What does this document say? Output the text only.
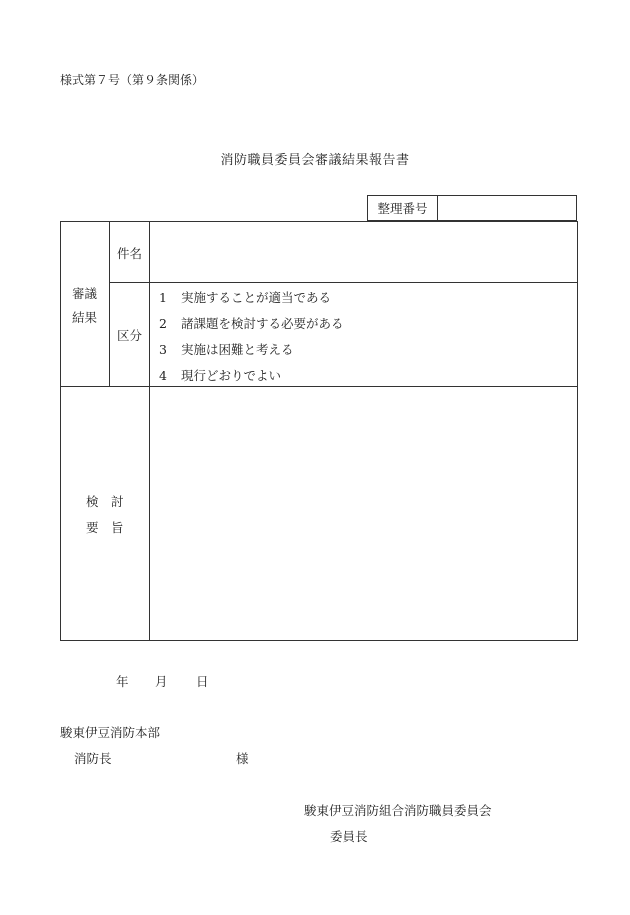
様式第７号（第９条関係）
消防職員委員会審議結果報告書
整理番号
審議
結果
件名
区分
1 実施することが適当である
2 諸課題を検討する必要がある
3 実施は困難と考える
4 現行どおりでよい
検　討
要　旨
年 月 日
駿東伊豆消防本部
消防長	様
駿東伊豆消防組合消防職員委員会
委員長
